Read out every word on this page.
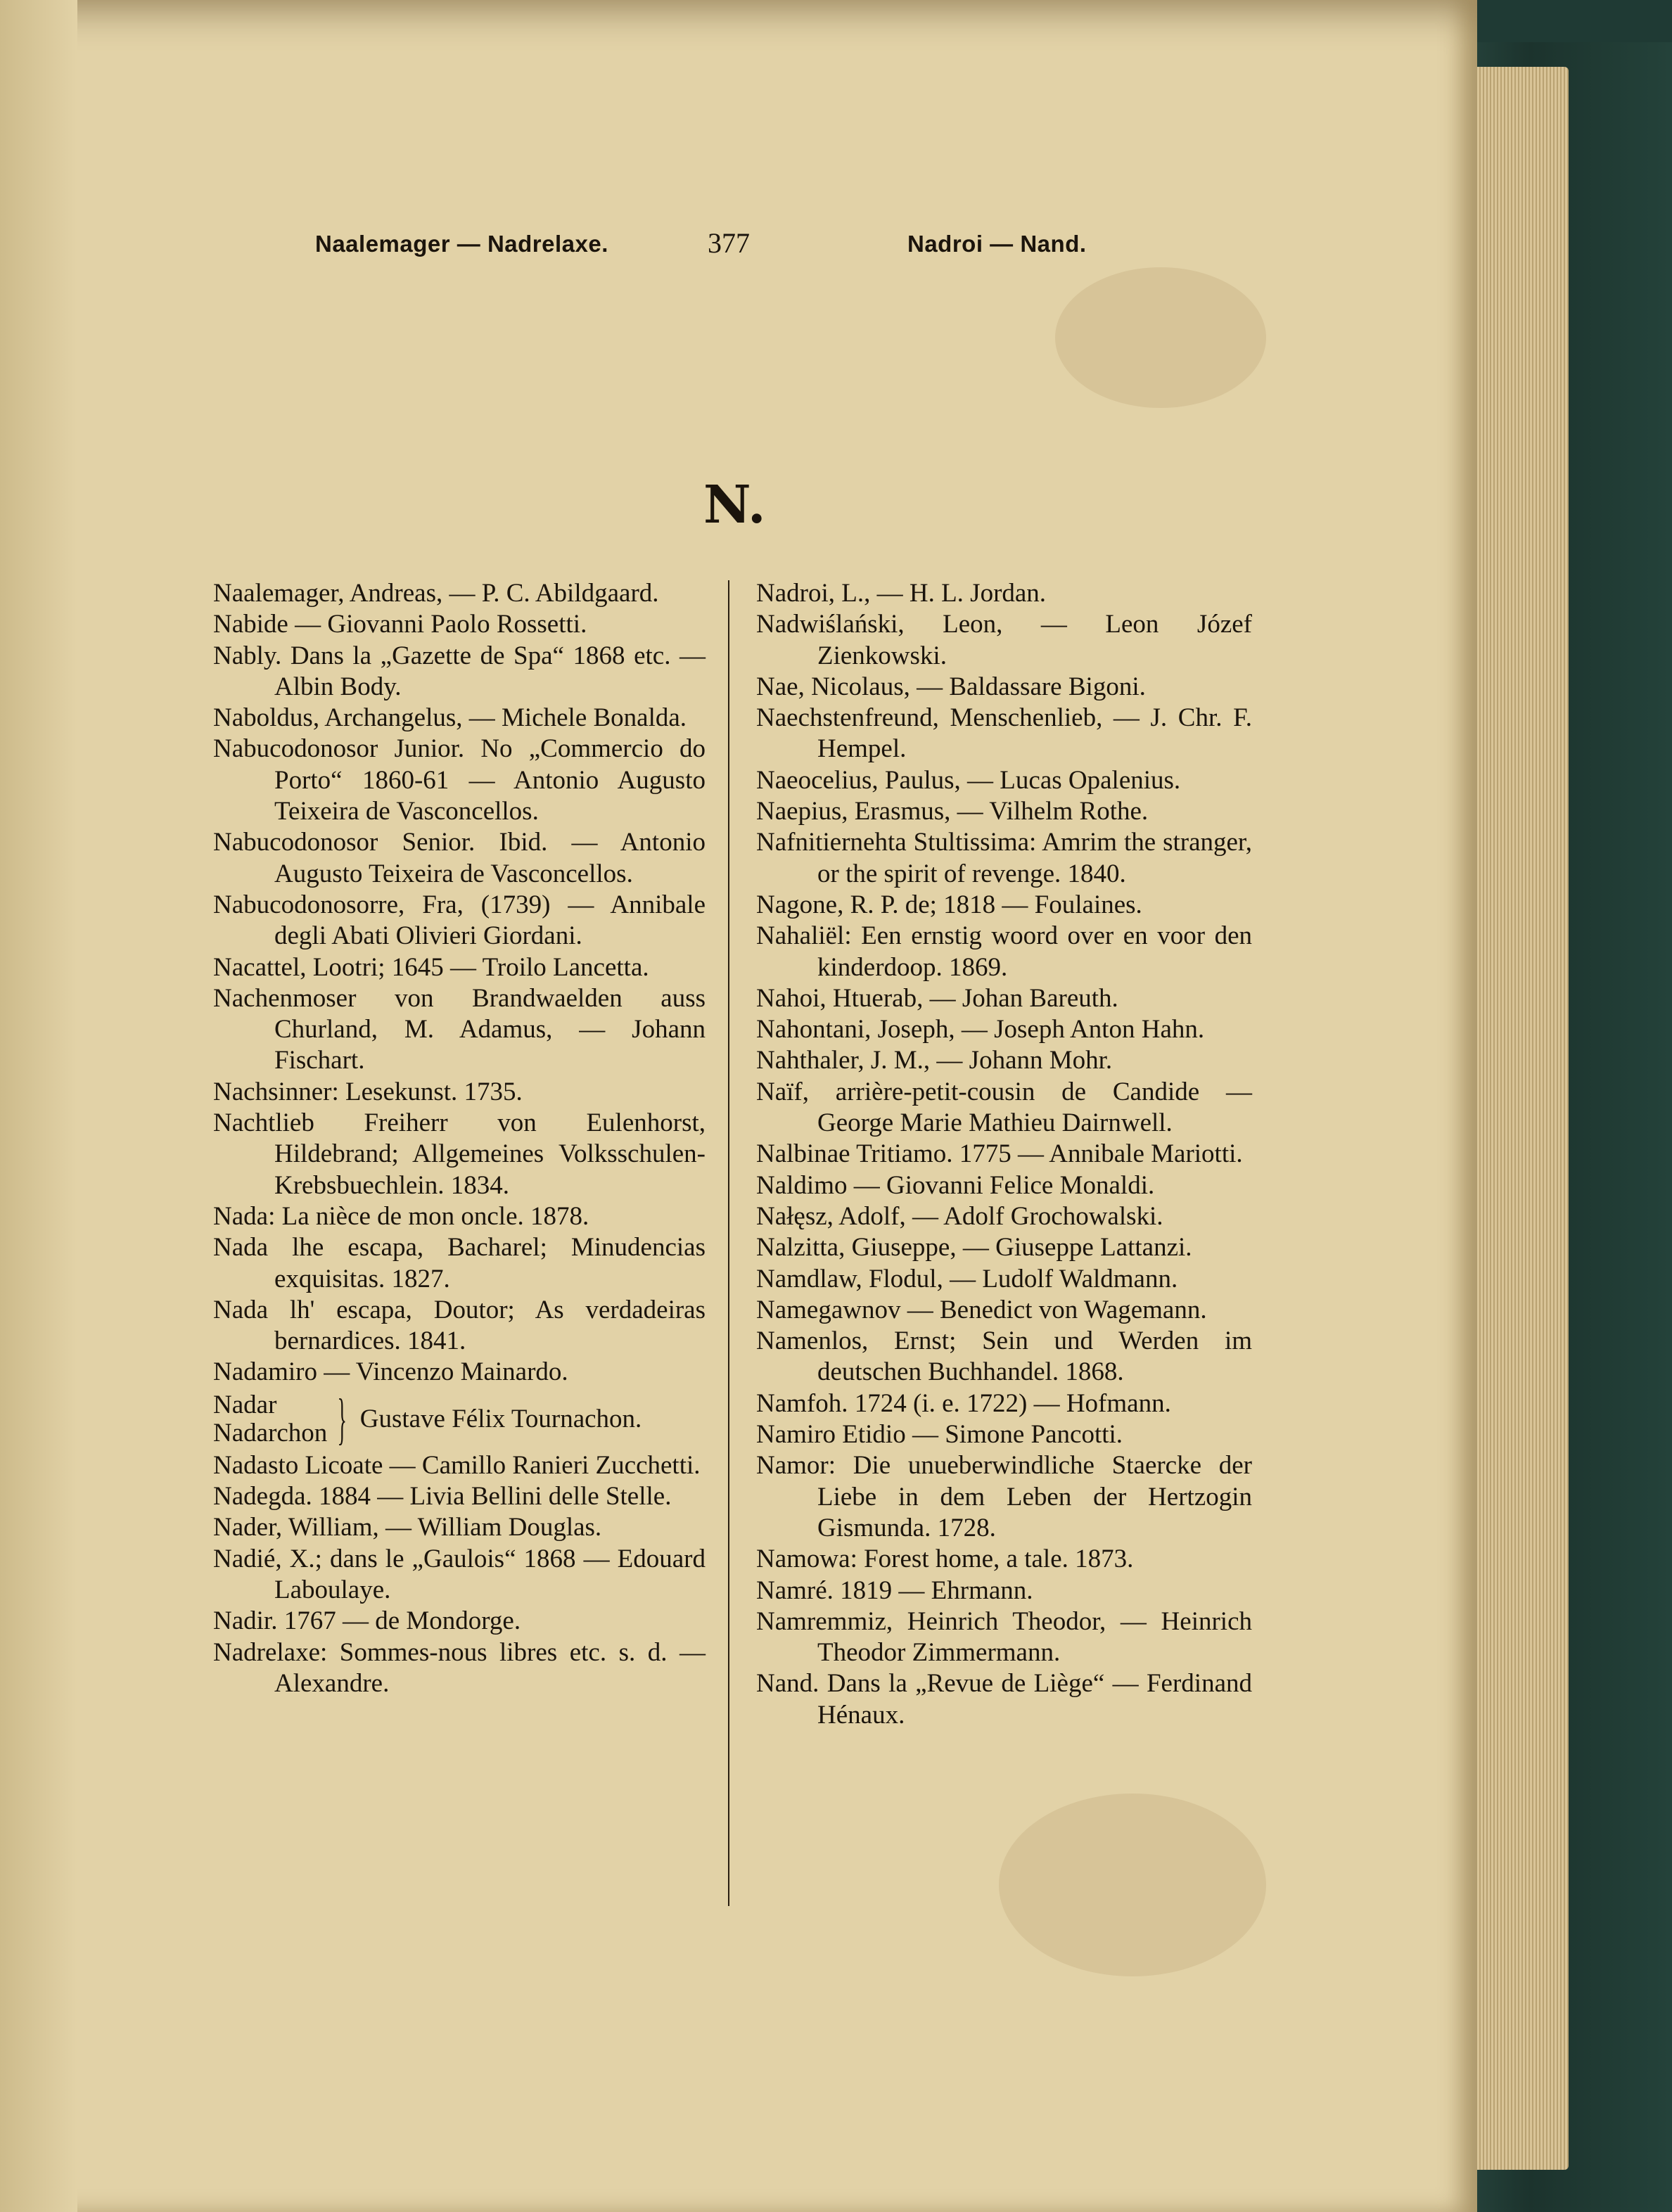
Naalemager — Nadrelaxe.	377	Nadroi — Nand.
N.

Naalemager, Andreas, — P. C. Abildgaard.

Nabide — Giovanni Paolo Rossetti.

Nably. Dans la „Gazette de Spa“ 1868 etc. — Albin Body.

Naboldus, Archangelus, — Michele Bonalda.

Nabucodonosor Junior. No „Commercio do Porto“ 1860-61 — Antonio Augusto Teixeira de Vasconcellos.

Nabucodonosor Senior. Ibid. — Antonio Augusto Teixeira de Vasconcellos.

Nabucodonosorre, Fra, (1739) — Annibale degli Abati Olivieri Giordani.

Nacattel, Lootri; 1645 — Troilo Lancetta.

Nachenmoser von Brandwaelden auss Churland, M. Adamus, — Johann Fischart.

Nachsinner: Lesekunst. 1735.

Nachtlieb Freiherr von Eulenhorst, Hildebrand; Allgemeines Volksschulen-Krebsbuechlein. 1834.

Nada: La nièce de mon oncle. 1878.

Nada lhe escapa, Bacharel; Minudencias exquisitas. 1827.

Nada lh' escapa, Doutor; As verdadeiras bernardices. 1841.

Nadamiro — Vincenzo Mainardo.

Nadar
Nadarchon } Gustave Félix Tournachon.

Nadasto Licoate — Camillo Ranieri Zucchetti.

Nadegda. 1884 — Livia Bellini delle Stelle.

Nader, William, — William Douglas.

Nadié, X.; dans le „Gaulois“ 1868 — Edouard Laboulaye.

Nadir. 1767 — de Mondorge.

Nadrelaxe: Sommes-nous libres etc. s. d. — Alexandre.

Nadroi, L., — H. L. Jordan.

Nadwiślański, Leon, — Leon Józef Zienkowski.

Nae, Nicolaus, — Baldassare Bigoni.

Naechstenfreund, Menschenlieb, — J. Chr. F. Hempel.

Naeocelius, Paulus, — Lucas Opalenius.

Naepius, Erasmus, — Vilhelm Rothe.

Nafnitiernehta Stultissima: Amrim the stranger, or the spirit of revenge. 1840.

Nagone, R. P. de; 1818 — Foulaines.

Nahaliël: Een ernstig woord over en voor den kinderdoop. 1869.

Nahoi, Htuerab, — Johan Bareuth.

Nahontani, Joseph, — Joseph Anton Hahn.

Nahthaler, J. M., — Johann Mohr.

Naïf, arrière-petit-cousin de Candide — George Marie Mathieu Dairnwell.

Nalbinae Tritiamo. 1775 — Annibale Mariotti.

Naldimo — Giovanni Felice Monaldi.

Nałęsz, Adolf, — Adolf Grochowalski.

Nalzitta, Giuseppe, — Giuseppe Lattanzi.

Namdlaw, Flodul, — Ludolf Waldmann.

Namegawnov — Benedict von Wagemann.

Namenlos, Ernst; Sein und Werden im deutschen Buchhandel. 1868.

Namfoh. 1724 (i. e. 1722) — Hofmann.

Namiro Etidio — Simone Pancotti.

Namor: Die unueberwindliche Staercke der Liebe in dem Leben der Hertzogin Gismunda. 1728.

Namowa: Forest home, a tale. 1873.

Namré. 1819 — Ehrmann.

Namremmiz, Heinrich Theodor, — Heinrich Theodor Zimmermann.

Nand. Dans la „Revue de Liège“ — Ferdinand Hénaux.
